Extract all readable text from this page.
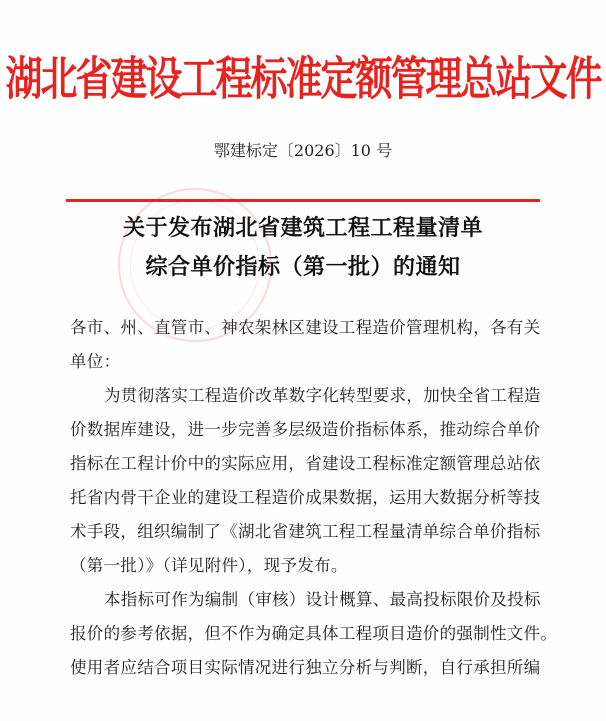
湖北省建设工程标准定额管理总站文件
鄂建标定〔2026〕10 号
关于发布湖北省建筑工程工程量清单
综合单价指标（第一批）的通知
各市、州、直管市、神农架林区建设工程造价管理机构，各有关
单位：
为贯彻落实工程造价改革数字化转型要求，加快全省工程造
价数据库建设，进一步完善多层级造价指标体系，推动综合单价
指标在工程计价中的实际应用，省建设工程标准定额管理总站依
托省内骨干企业的建设工程造价成果数据，运用大数据分析等技
术手段，组织编制了《湖北省建筑工程工程量清单综合单价指标
（第一批）》（详见附件），现予发布。
本指标可作为编制（审核）设计概算、最高投标限价及投标
报价的参考依据，但不作为确定具体工程项目造价的强制性文件。
使用者应结合项目实际情况进行独立分析与判断，自行承担所编
